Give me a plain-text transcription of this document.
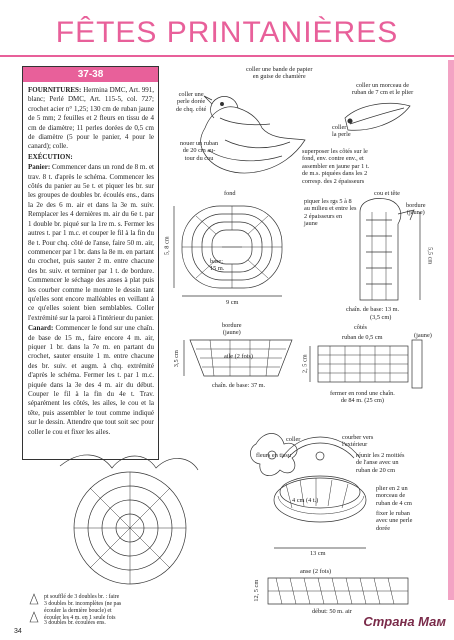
FÊTES PRINTANIÈRES
37-38

FOURNITURES: Hermina DMC, Art. 991, blanc; Perlé DMC, Art. 115-5, col. 727; crochet acier n° 1,25; 130 cm de ruban jaune de 5 mm; 2 feuilles et 2 fleurs en tissu de 4 cm de diamètre; 11 perles dorées de 0,5 cm de diamètre (5 pour le panier, 4 pour le canard); colle.

EXÉCUTION:

Panier: Commencer dans un rond de 8 m. et trav. 8 t. d'après le schéma. Commencer les côtés du panier au 5e t. et piquer les br. sur les groupes de doubles br. écoulés ens., dans la 2e des 6 m. air et dans la 3e m. suiv. Remplacer les 4 dernières m. air du 6e t. par 1 double br. piqué sur la 1re m. s. Fermer les autres t. par 1 m.c. et couper le fil à la fin du 8e t. Pour chq. côté de l'anse, faire 50 m. air, commencer par 1 br. dans la 8e m. en partant du crochet, puis sauter 2 m. entre chacune des br. suiv. et terminer par 1 t. de bordure. Commencer le séchage des anses à plat puis les courber comme le montre le dessin tant qu'elles sont encore malléables en veillant à ce qu'elles soient bien semblables. Coller l'extrémité sur la paroi à l'intérieur du panier.

Canard: Commencer le fond sur une chaîn. de base de 15 m., faire encore 4 m. air, piquer 1 br. dans la 7e m. en partant du crochet, sauter ensuite 1 m. entre chacune des br. suiv. et augm. à chq. extrémité d'après le schéma. Fermer les t. par 1 m.c. piquée dans la 3e des 4 m. air du début. Couper le fil à la fin du 4e t. Trav. séparément les côtés, les ailes, le cou et la tête, puis assembler le tout comme indiqué sur le dessin. Attendre que tout soit sec pour coller le cou et fixer les ailes.

coller une bande de papier
en guise de chamière
coller une
perle dorée
de chq. côté
nouer un ruban
de 20 cm au-
tour du cou
coller un morceau de
ruban de 7 cm et le plier
coller
la perle
superposer les côtés sur le
fond, env. contre env., et
assembler en jaune par 1 t.
de m.s. piquées dans les 2
corresp. des 2 épaisseurs
fond	cou et tête
piquer les rgs 5 à 8
au milieu et entre les
2 épaisseurs en
jaune
bordure
(jaune)
base:
15 m.
5, 8 cm
9 cm
5,5 cm
chaîn. de base: 13 m.
(3,5 cm)
bordure
(jaune)
aile (2 fois)
3,5 cm
chaîn. de base: 37 m.
côtés
ruban de 0,5 cm	(jaune)
2, 5 cm
fermer en rond une chaîn.
de 84 m. (25 cm)
coller
fleurs en tissu
courber vers
l'extérieur
réunir les 2 moitiés
de l'anse avec un
ruban de 20 cm
4 cm (4 t.)
plier en 2 un
morceau de
ruban de 4 cm
fixer le ruban
avec une perle
dorée
13 cm
12, 5 cm
anse (2 fois)
début: 50 m. air
pt soufflé de 3 doubles br. : faire
3 doubles br. incomplètes (ne pas
écouler la dernière boucle) et
écouler les 4 m. en 1 seule fois
3 doubles br. écoulées ens.
34
Страна Мам
